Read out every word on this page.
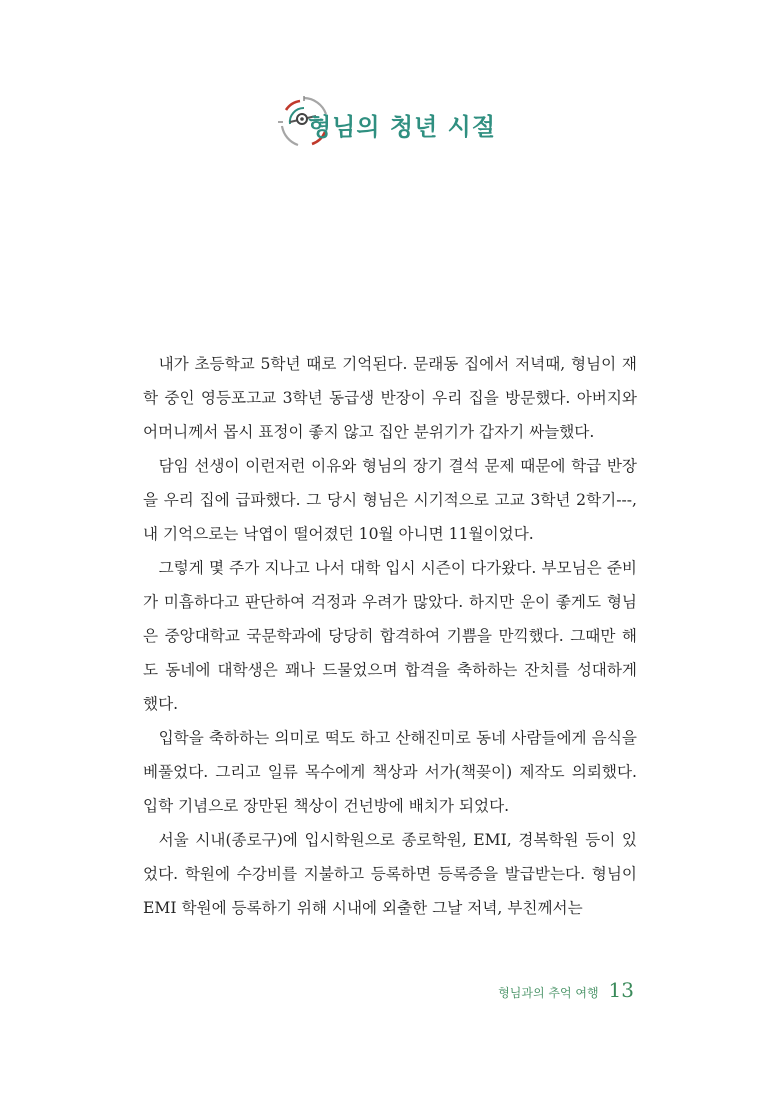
형님의 청년 시절

내가 초등학교 5학년 때로 기억된다. 문래동 집에서 저녁때, 형님이 재학 중인 영등포고교 3학년 동급생 반장이 우리 집을 방문했다. 아버지와 어머니께서 몹시 표정이 좋지 않고 집안 분위기가 갑자기 싸늘했다.

담임 선생이 이런저런 이유와 형님의 장기 결석 문제 때문에 학급 반장을 우리 집에 급파했다. 그 당시 형님은 시기적으로 고교 3학년 2학기---, 내 기억으로는 낙엽이 떨어졌던 10월 아니면 11월이었다.

그렇게 몇 주가 지나고 나서 대학 입시 시즌이 다가왔다. 부모님은 준비가 미흡하다고 판단하여 걱정과 우려가 많았다. 하지만 운이 좋게도 형님은 중앙대학교 국문학과에 당당히 합격하여 기쁨을 만끽했다. 그때만 해도 동네에 대학생은 꽤나 드물었으며 합격을 축하하는 잔치를 성대하게 했다.

입학을 축하하는 의미로 떡도 하고 산해진미로 동네 사람들에게 음식을 베풀었다. 그리고 일류 목수에게 책상과 서가(책꽂이) 제작도 의뢰했다. 입학 기념으로 장만된 책상이 건넌방에 배치가 되었다.

서울 시내(종로구)에 입시학원으로 종로학원, EMI, 경복학원 등이 있었다. 학원에 수강비를 지불하고 등록하면 등록증을 발급받는다. 형님이 EMI 학원에 등록하기 위해 시내에 외출한 그날 저녁, 부친께서는

형님과의 추억 여행 13
